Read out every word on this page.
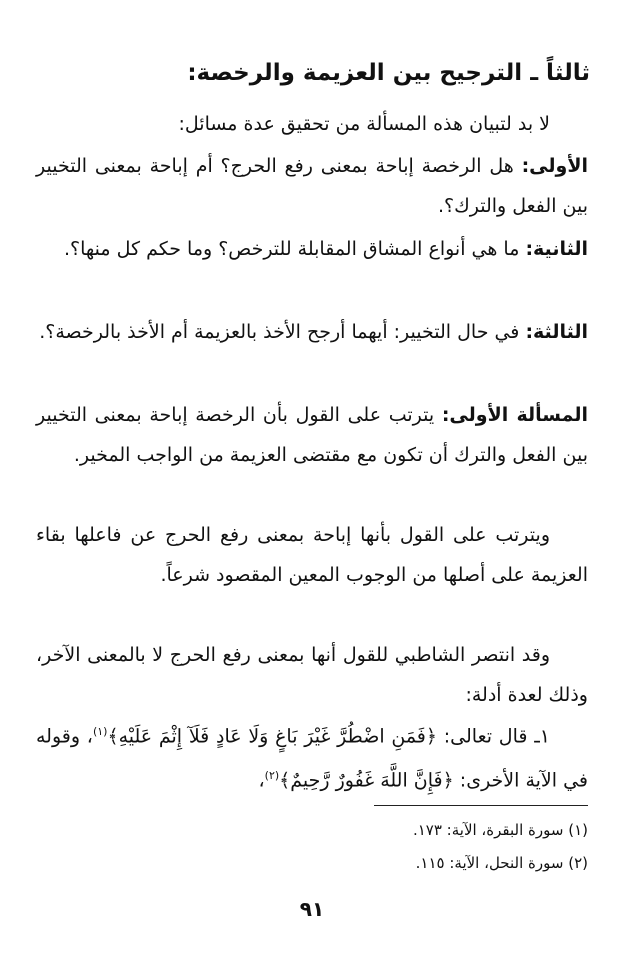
ثالثاً ـ الترجيح بين العزيمة والرخصة:
لا بد لتبيان هذه المسألة من تحقيق عدة مسائل:
الأولى: هل الرخصة إباحة بمعنى رفع الحرج؟ أم إباحة بمعنى التخيير بين الفعل والترك؟.
الثانية: ما هي أنواع المشاق المقابلة للترخص؟ وما حكم كل منها؟.
الثالثة: في حال التخيير: أيهما أرجح الأخذ بالعزيمة أم الأخذ بالرخصة؟.
المسألة الأولى: يترتب على القول بأن الرخصة إباحة بمعنى التخيير بين الفعل والترك أن تكون مع مقتضى العزيمة من الواجب المخير.
ويترتب على القول بأنها إباحة بمعنى رفع الحرج عن فاعلها بقاء العزيمة على أصلها من الوجوب المعين المقصود شرعاً.
وقد انتصر الشاطبي للقول أنها بمعنى رفع الحرج لا بالمعنى الآخر، وذلك لعدة أدلة:
١ـ قال تعالى: ﴿فَمَنِ اضْطُرَّ غَيْرَ بَاغٍ وَلَا عَادٍ فَلَآ إِثْمَ عَلَيْهِ﴾$^{(١)}$، وقوله في الآية الأخرى: ﴿فَإِنَّ اللَّهَ غَفُورٌ رَّحِيمٌ﴾$^{(٢)}$،
(١) سورة البقرة، الآية: ١٧٣.
(٢) سورة النحل، الآية: ١١٥.
٩١
